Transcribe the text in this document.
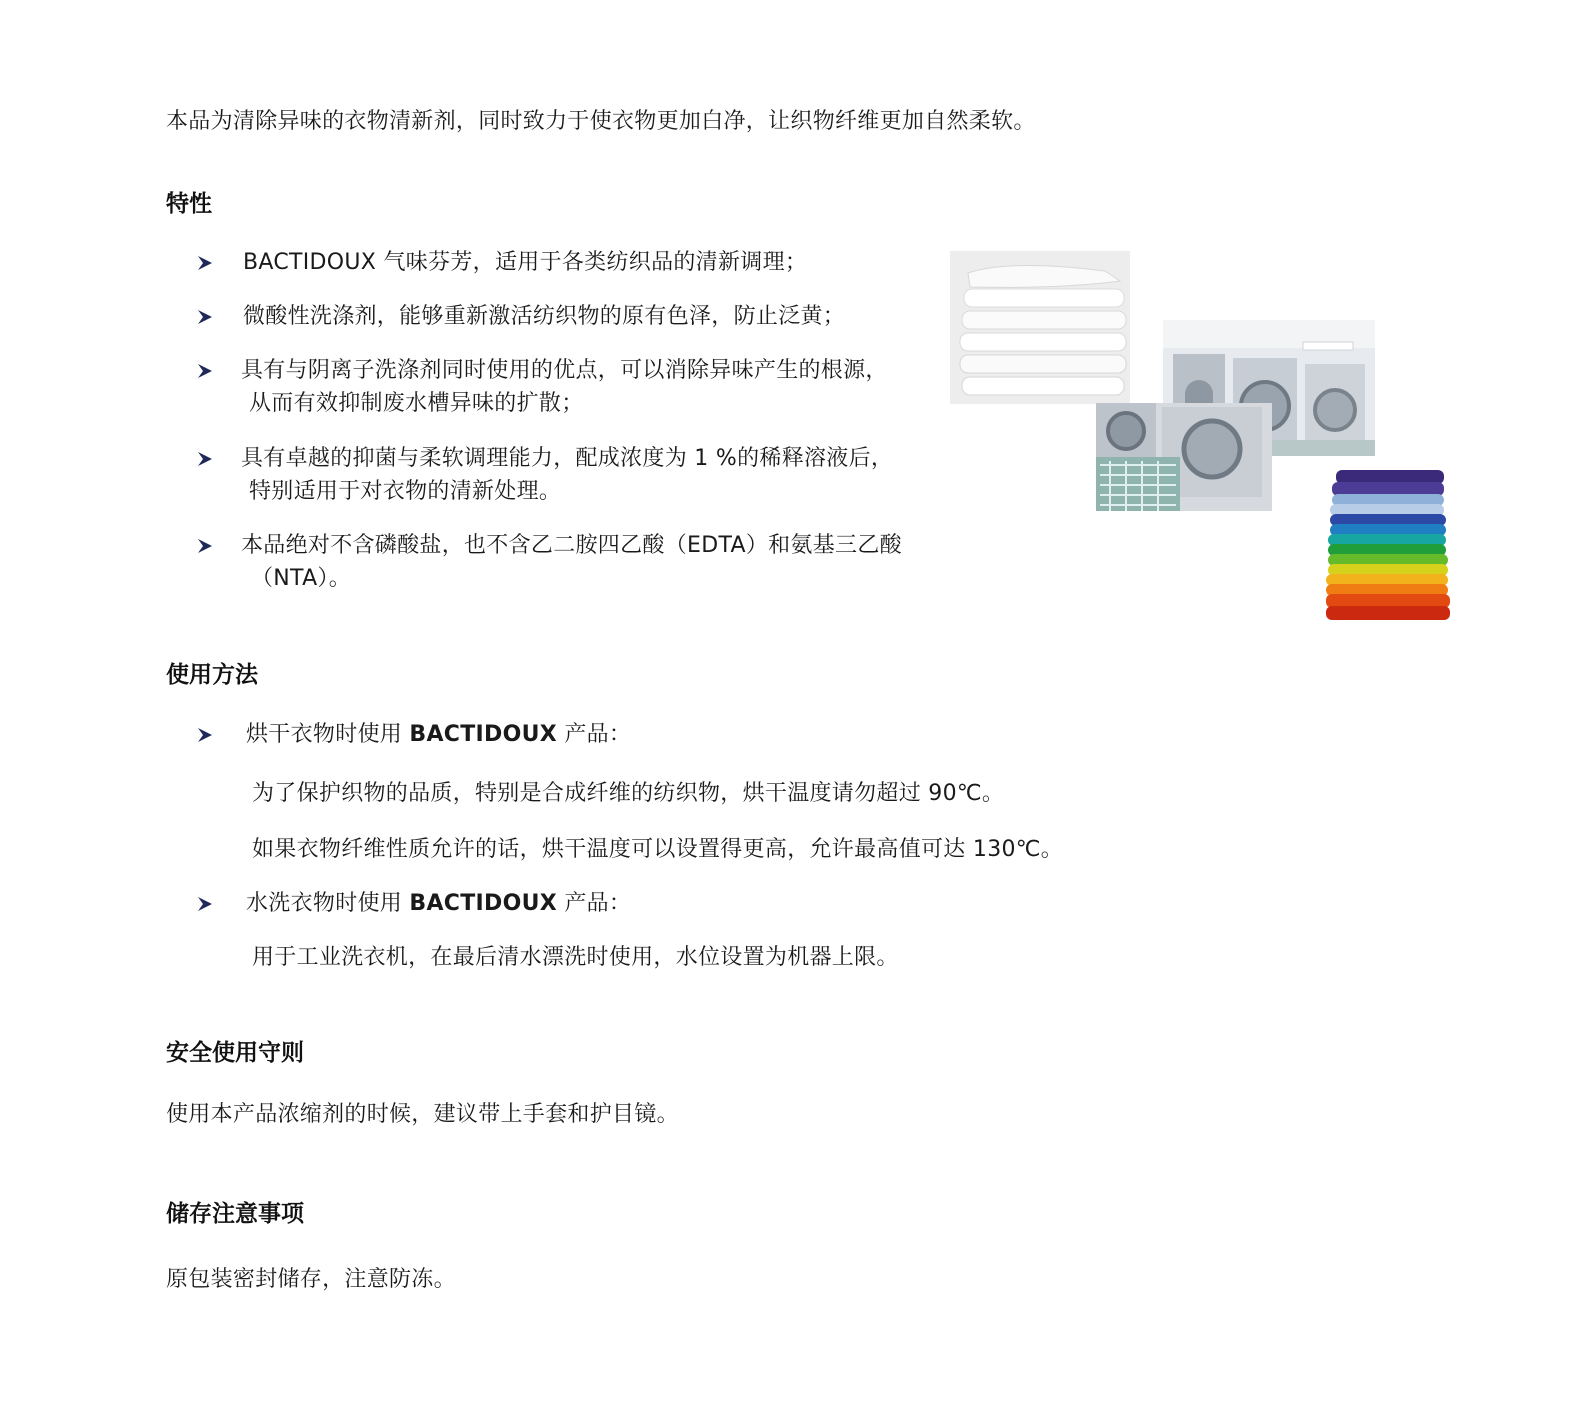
本品为清除异味的衣物清新剂，同时致力于使衣物更加白净，让织物纤维更加自然柔软。
特性
BACTIDOUX 气味芬芳，适用于各类纺织品的清新调理；
微酸性洗涤剂，能够重新激活纺织物的原有色泽，防止泛黄；
具有与阴离子洗涤剂同时使用的优点，可以消除异味产生的根源，
从而有效抑制废水槽异味的扩散；
具有卓越的抑菌与柔软调理能力，配成浓度为 1 %的稀释溶液后，
特别适用于对衣物的清新处理。
本品绝对不含磷酸盐，也不含乙二胺四乙酸（EDTA）和氨基三乙酸
（NTA）。
使用方法
烘干衣物时使用 BACTIDOUX 产品：
为了保护织物的品质，特别是合成纤维的纺织物，烘干温度请勿超过 90℃。
如果衣物纤维性质允许的话，烘干温度可以设置得更高，允许最高值可达 130℃。
水洗衣物时使用 BACTIDOUX 产品：
用于工业洗衣机，在最后清水漂洗时使用，水位设置为机器上限。
安全使用守则
使用本产品浓缩剂的时候，建议带上手套和护目镜。
储存注意事项
原包装密封储存，注意防冻。
